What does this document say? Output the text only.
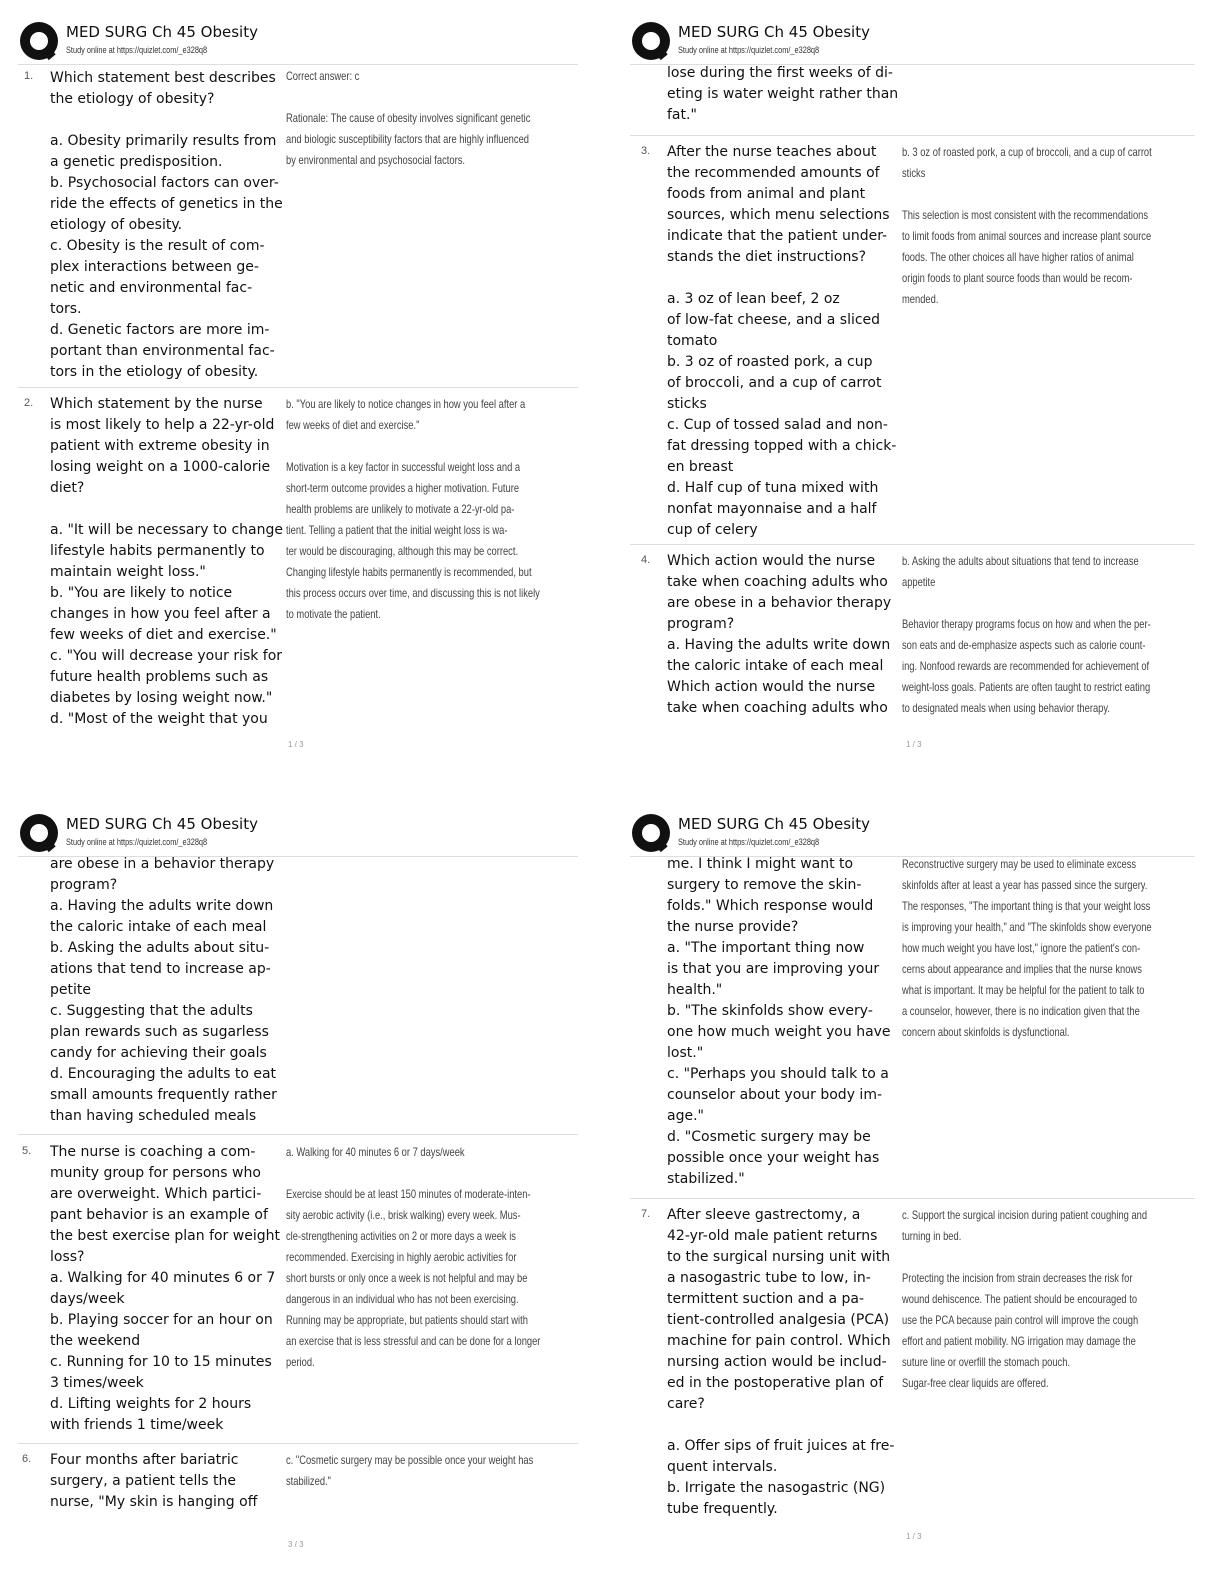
MED SURG Ch 45 Obesity
Study online at https://quizlet.com/_e328q8
1. Which statement best describes
the etiology of obesity?

a. Obesity primarily results from
a genetic predisposition.
b. Psychosocial factors can over-
ride the effects of genetics in the
etiology of obesity.
c. Obesity is the result of com-
plex interactions between ge-
netic and environmental fac-
tors.
d. Genetic factors are more im-
portant than environmental fac-
tors in the etiology of obesity.
Correct answer: c

Rationale: The cause of obesity involves significant genetic
and biologic susceptibility factors that are highly influenced
by environmental and psychosocial factors.
2. Which statement by the nurse
is most likely to help a 22-yr-old
patient with extreme obesity in
losing weight on a 1000-calorie
diet?

a. "It will be necessary to change
lifestyle habits permanently to
maintain weight loss."
b. "You are likely to notice
changes in how you feel after a
few weeks of diet and exercise."
c. "You will decrease your risk for
future health problems such as
diabetes by losing weight now."
d. "Most of the weight that you
b. "You are likely to notice changes in how you feel after a
few weeks of diet and exercise."

Motivation is a key factor in successful weight loss and a
short-term outcome provides a higher motivation. Future
health problems are unlikely to motivate a 22-yr-old pa-
tient. Telling a patient that the initial weight loss is wa-
ter would be discouraging, although this may be correct.
Changing lifestyle habits permanently is recommended, but
this process occurs over time, and discussing this is not likely
to motivate the patient.
1 / 3
MED SURG Ch 45 Obesity
Study online at https://quizlet.com/_e328q8
lose during the first weeks of di-
eting is water weight rather than
fat."
3. After the nurse teaches about
the recommended amounts of
foods from animal and plant
sources, which menu selections
indicate that the patient under-
stands the diet instructions?

a. 3 oz of lean beef, 2 oz
of low-fat cheese, and a sliced
tomato
b. 3 oz of roasted pork, a cup
of broccoli, and a cup of carrot
sticks
c. Cup of tossed salad and non-
fat dressing topped with a chick-
en breast
d. Half cup of tuna mixed with
nonfat mayonnaise and a half
cup of celery
b. 3 oz of roasted pork, a cup of broccoli, and a cup of carrot
sticks

This selection is most consistent with the recommendations
to limit foods from animal sources and increase plant source
foods. The other choices all have higher ratios of animal
origin foods to plant source foods than would be recom-
mended.
4. Which action would the nurse
take when coaching adults who
are obese in a behavior therapy
program?
a. Having the adults write down
the caloric intake of each meal
Which action would the nurse
take when coaching adults who
b. Asking the adults about situations that tend to increase
appetite

Behavior therapy programs focus on how and when the per-
son eats and de-emphasize aspects such as calorie count-
ing. Nonfood rewards are recommended for achievement of
weight-loss goals. Patients are often taught to restrict eating
to designated meals when using behavior therapy.
1 / 3
MED SURG Ch 45 Obesity
Study online at https://quizlet.com/_e328q8
are obese in a behavior therapy
program?
a. Having the adults write down
the caloric intake of each meal
b. Asking the adults about situ-
ations that tend to increase ap-
petite
c. Suggesting that the adults
plan rewards such as sugarless
candy for achieving their goals
d. Encouraging the adults to eat
small amounts frequently rather
than having scheduled meals
5. The nurse is coaching a com-
munity group for persons who
are overweight. Which partici-
pant behavior is an example of
the best exercise plan for weight
loss?
a. Walking for 40 minutes 6 or 7
days/week
b. Playing soccer for an hour on
the weekend
c. Running for 10 to 15 minutes
3 times/week
d. Lifting weights for 2 hours
with friends 1 time/week
a. Walking for 40 minutes 6 or 7 days/week

Exercise should be at least 150 minutes of moderate-inten-
sity aerobic activity (i.e., brisk walking) every week. Mus-
cle-strengthening activities on 2 or more days a week is
recommended. Exercising in highly aerobic activities for
short bursts or only once a week is not helpful and may be
dangerous in an individual who has not been exercising.
Running may be appropriate, but patients should start with
an exercise that is less stressful and can be done for a longer
period.
6. Four months after bariatric
surgery, a patient tells the
nurse, "My skin is hanging off
c. "Cosmetic surgery may be possible once your weight has
stabilized."
3 / 3
MED SURG Ch 45 Obesity
Study online at https://quizlet.com/_e328q8
me. I think I might want to
surgery to remove the skin-
folds." Which response would
the nurse provide?
a. "The important thing now
is that you are improving your
health."
b. "The skinfolds show every-
one how much weight you have
lost."
c. "Perhaps you should talk to a
counselor about your body im-
age."
d. "Cosmetic surgery may be
possible once your weight has
stabilized."
Reconstructive surgery may be used to eliminate excess
skinfolds after at least a year has passed since the surgery.
The responses, "The important thing is that your weight loss
is improving your health," and "The skinfolds show everyone
how much weight you have lost," ignore the patient's con-
cerns about appearance and implies that the nurse knows
what is important. It may be helpful for the patient to talk to
a counselor, however, there is no indication given that the
concern about skinfolds is dysfunctional.
7. After sleeve gastrectomy, a
42-yr-old male patient returns
to the surgical nursing unit with
a nasogastric tube to low, in-
termittent suction and a pa-
tient-controlled analgesia (PCA)
machine for pain control. Which
nursing action would be includ-
ed in the postoperative plan of
care?

a. Offer sips of fruit juices at fre-
quent intervals.
b. Irrigate the nasogastric (NG)
tube frequently.
c. Support the surgical incision during patient coughing and
turning in bed.

Protecting the incision from strain decreases the risk for
wound dehiscence. The patient should be encouraged to
use the PCA because pain control will improve the cough
effort and patient mobility. NG irrigation may damage the
suture line or overfill the stomach pouch.
Sugar-free clear liquids are offered.
1 / 3
